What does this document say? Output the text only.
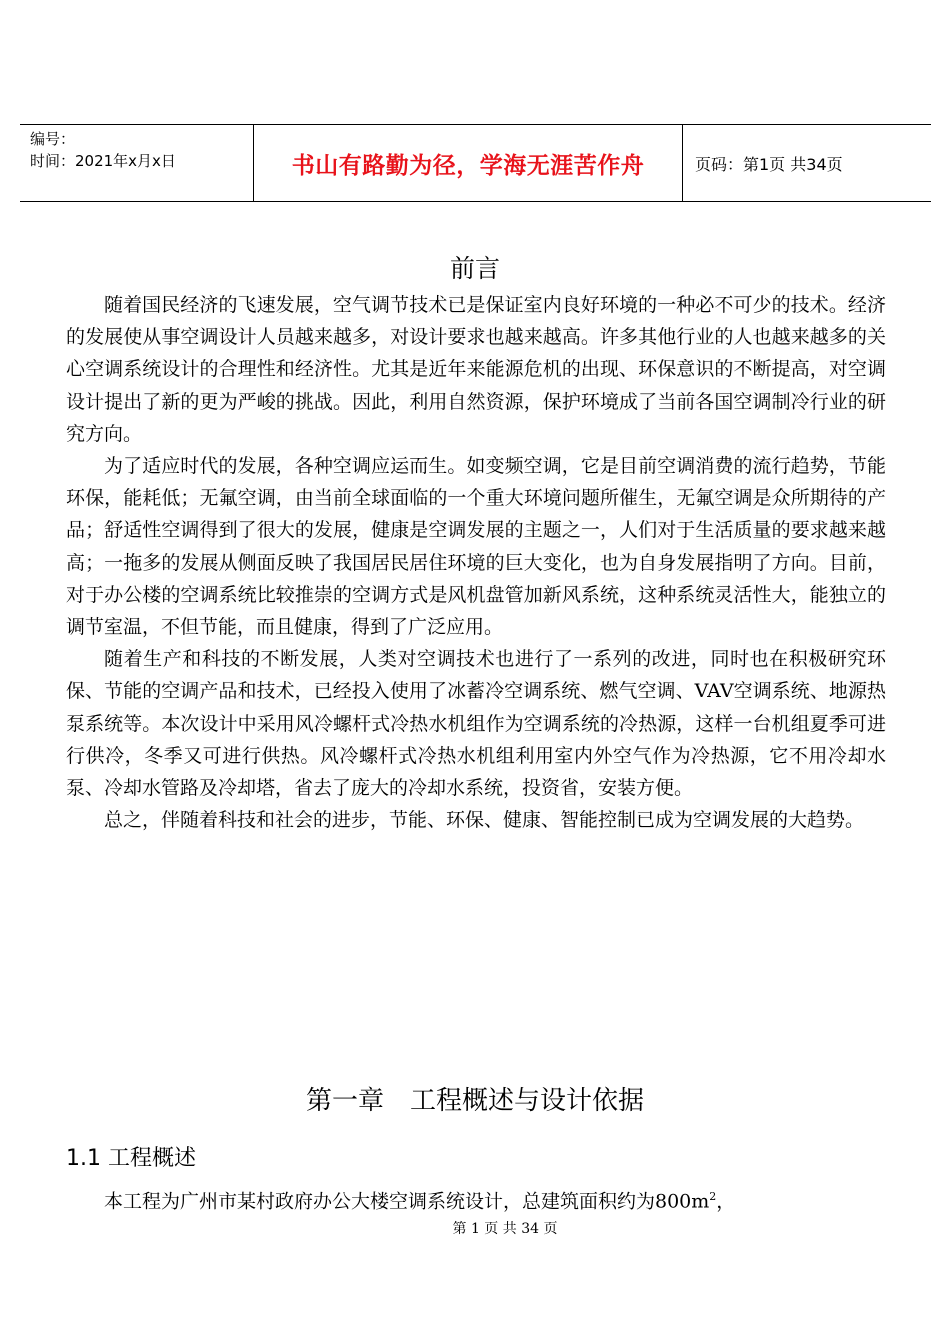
编号：
时间：2021年x月x日	书山有路勤为径，学海无涯苦作舟	页码：第1页 共34页
前言

随着国民经济的飞速发展，空气调节技术已是保证室内良好环境的一种必不可少的技术。经济的发展使从事空调设计人员越来越多，对设计要求也越来越高。许多其他行业的人也越来越多的关心空调系统设计的合理性和经济性。尤其是近年来能源危机的出现、环保意识的不断提高，对空调设计提出了新的更为严峻的挑战。因此，利用自然资源，保护环境成了当前各国空调制冷行业的研究方向。

为了适应时代的发展，各种空调应运而生。如变频空调，它是目前空调消费的流行趋势，节能环保，能耗低；无氟空调，由当前全球面临的一个重大环境问题所催生，无氟空调是众所期待的产品；舒适性空调得到了很大的发展，健康是空调发展的主题之一，人们对于生活质量的要求越来越高；一拖多的发展从侧面反映了我国居民居住环境的巨大变化，也为自身发展指明了方向。目前，对于办公楼的空调系统比较推崇的空调方式是风机盘管加新风系统，这种系统灵活性大，能独立的调节室温，不但节能，而且健康，得到了广泛应用。

随着生产和科技的不断发展，人类对空调技术也进行了一系列的改进，同时也在积极研究环保、节能的空调产品和技术，已经投入使用了冰蓄冷空调系统、燃气空调、VAV空调系统、地源热泵系统等。本次设计中采用风冷螺杆式冷热水机组作为空调系统的冷热源，这样一台机组夏季可进行供冷，冬季又可进行供热。风冷螺杆式冷热水机组利用室内外空气作为冷热源，它不用冷却水泵、冷却水管路及冷却塔，省去了庞大的冷却水系统，投资省，安装方便。

总之，伴随着科技和社会的进步，节能、环保、健康、智能控制已成为空调发展的大趋势。

第一章　工程概述与设计依据
1.1 工程概述
本工程为广州市某村政府办公大楼空调系统设计，总建筑面积约为$800m^2$，
第 1 页 共 34 页
